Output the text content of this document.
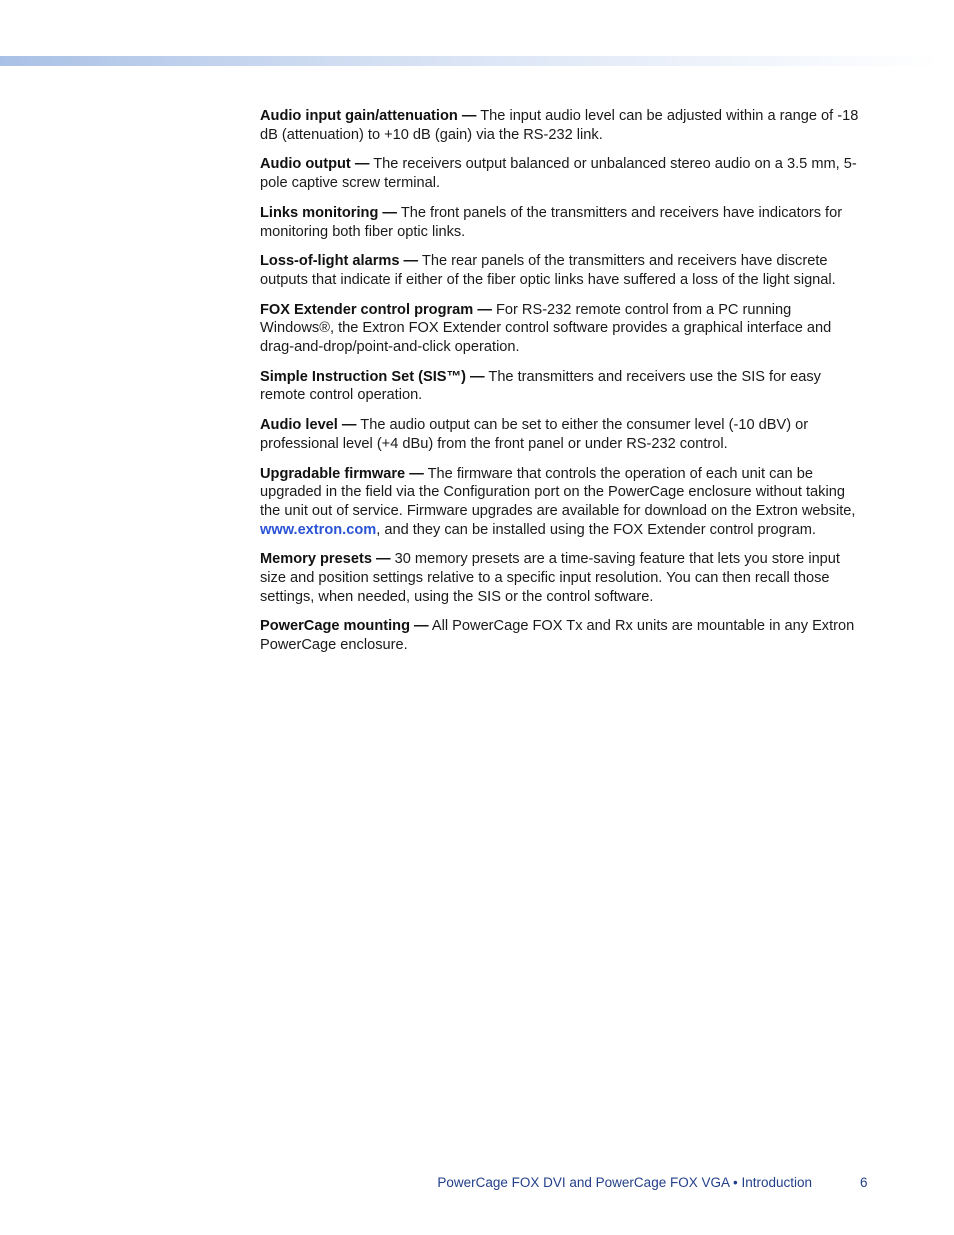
Audio input gain/attenuation — The input audio level can be adjusted within a range of -18 dB (attenuation) to +10 dB (gain) via the RS-232 link.

Audio output — The receivers output balanced or unbalanced stereo audio on a 3.5 mm, 5-pole captive screw terminal.

Links monitoring — The front panels of the transmitters and receivers have indicators for monitoring both fiber optic links.

Loss-of-light alarms — The rear panels of the transmitters and receivers have discrete outputs that indicate if either of the fiber optic links have suffered a loss of the light signal.

FOX Extender control program — For RS-232 remote control from a PC running Windows®, the Extron FOX Extender control software provides a graphical interface and drag-and-drop/point-and-click operation.

Simple Instruction Set (SIS™) — The transmitters and receivers use the SIS for easy remote control operation.

Audio level — The audio output can be set to either the consumer level (-10 dBV) or professional level (+4 dBu) from the front panel or under RS-232 control.

Upgradable firmware — The firmware that controls the operation of each unit can be upgraded in the field via the Configuration port on the PowerCage enclosure without taking the unit out of service. Firmware upgrades are available for download on the Extron website, www.extron.com, and they can be installed using the FOX Extender control program.

Memory presets — 30 memory presets are a time-saving feature that lets you store input size and position settings relative to a specific input resolution. You can then recall those settings, when needed, using the SIS or the control software.

PowerCage mounting — All PowerCage FOX Tx and Rx units are mountable in any Extron PowerCage enclosure.

PowerCage FOX DVI and PowerCage FOX VGA • Introduction	6
